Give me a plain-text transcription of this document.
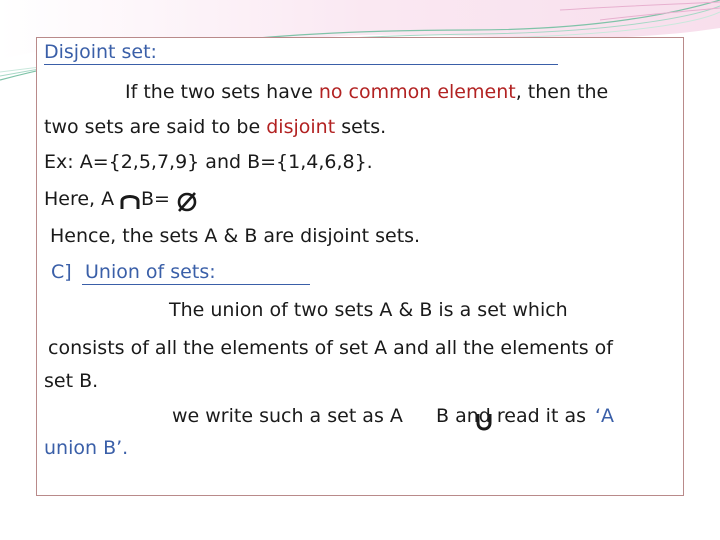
Disjoint set:
If the two sets have no common element, then the
two sets are said to be disjoint sets.
Ex: A={2,5,7,9} and B={1,4,6,8}.
Here, A B=
Hence, the sets A & B are disjoint sets.
C] Union of sets:
The union of two sets A & B is a set which
consists of all the elements of set A and all the elements of
set B.
we write such a set as A B and read it as ‘A
union B’.
